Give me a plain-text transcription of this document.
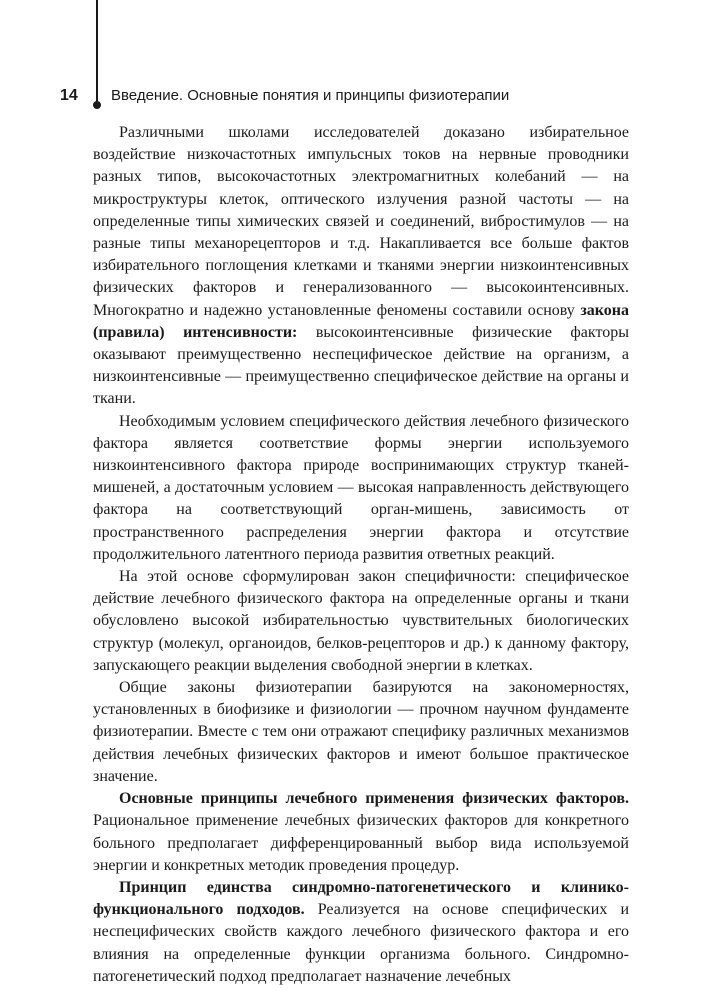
14 Введение. Основные понятия и принципы физиотерапии

Различными школами исследователей доказано избирательное воздействие низкочастотных импульсных токов на нервные проводники разных типов, высокочастотных электромагнитных колебаний — на микроструктуры клеток, оптического излучения разной частоты — на определенные типы химических связей и соединений, вибростимулов — на разные типы механорецепторов и т.д. Накапливается все больше фактов избирательного поглощения клетками и тканями энергии низкоинтенсивных физических факторов и генерализованного — высокоинтенсивных. Многократно и надежно установленные феномены составили основу закона (правила) интенсивности: высокоинтенсивные физические факторы оказывают преимущественно неспецифическое действие на организм, а низкоинтенсивные — преимущественно специфическое действие на органы и ткани.

Необходимым условием специфического действия лечебного физического фактора является соответствие формы энергии используемого низкоинтенсивного фактора природе воспринимающих структур тканей-мишеней, а достаточным условием — высокая направленность действующего фактора на соответствующий орган-мишень, зависимость от пространственного распределения энергии фактора и отсутствие продолжительного латентного периода развития ответных реакций.

На этой основе сформулирован закон специфичности: специфическое действие лечебного физического фактора на определенные органы и ткани обусловлено высокой избирательностью чувствительных биологических структур (молекул, органоидов, белков-рецепторов и др.) к данному фактору, запускающего реакции выделения свободной энергии в клетках.

Общие законы физиотерапии базируются на закономерностях, установленных в биофизике и физиологии — прочном научном фундаменте физиотерапии. Вместе с тем они отражают специфику различных механизмов действия лечебных физических факторов и имеют большое практическое значение.

Основные принципы лечебного применения физических факторов. Рациональное применение лечебных физических факторов для конкретного больного предполагает дифференцированный выбор вида используемой энергии и конкретных методик проведения процедур.

Принцип единства синдромно-патогенетического и клинико-функционального подходов. Реализуется на основе специфических и неспецифических свойств каждого лечебного физического фактора и его влияния на определенные функции организма больного. Синдромно-патогенетический подход предполагает назначение лечебных
